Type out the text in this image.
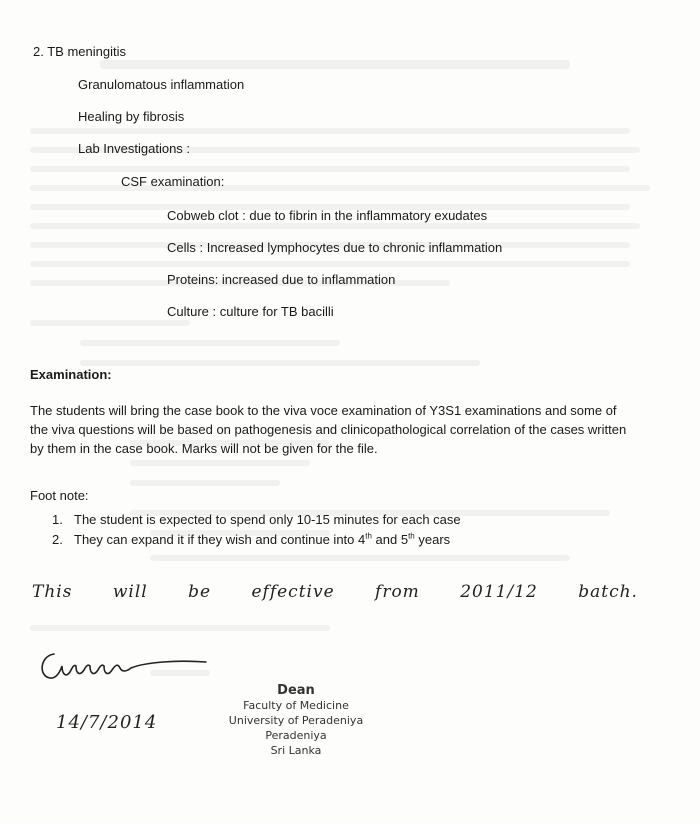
2. TB meningitis
Granulomatous inflammation
Healing by fibrosis
Lab Investigations :
CSF examination:
Cobweb clot : due to fibrin in the inflammatory exudates
Cells : Increased lymphocytes due to chronic inflammation
Proteins: increased due to inflammation
Culture : culture for TB bacilli
Examination:
The students will bring the case book to the viva voce examination of Y3S1 examinations and some of the viva questions will be based on pathogenesis and clinicopathological correlation of the cases written by them in the case book. Marks will not be given for the file.
Foot note:
1. The student is expected to spend only 10-15 minutes for each case
2. They can expand it if they wish and continue into 4th and 5th years
This will be effective from 2011/12 batch.
14/7/2014
Dean
Faculty of Medicine
University of Peradeniya
Peradeniya
Sri Lanka
